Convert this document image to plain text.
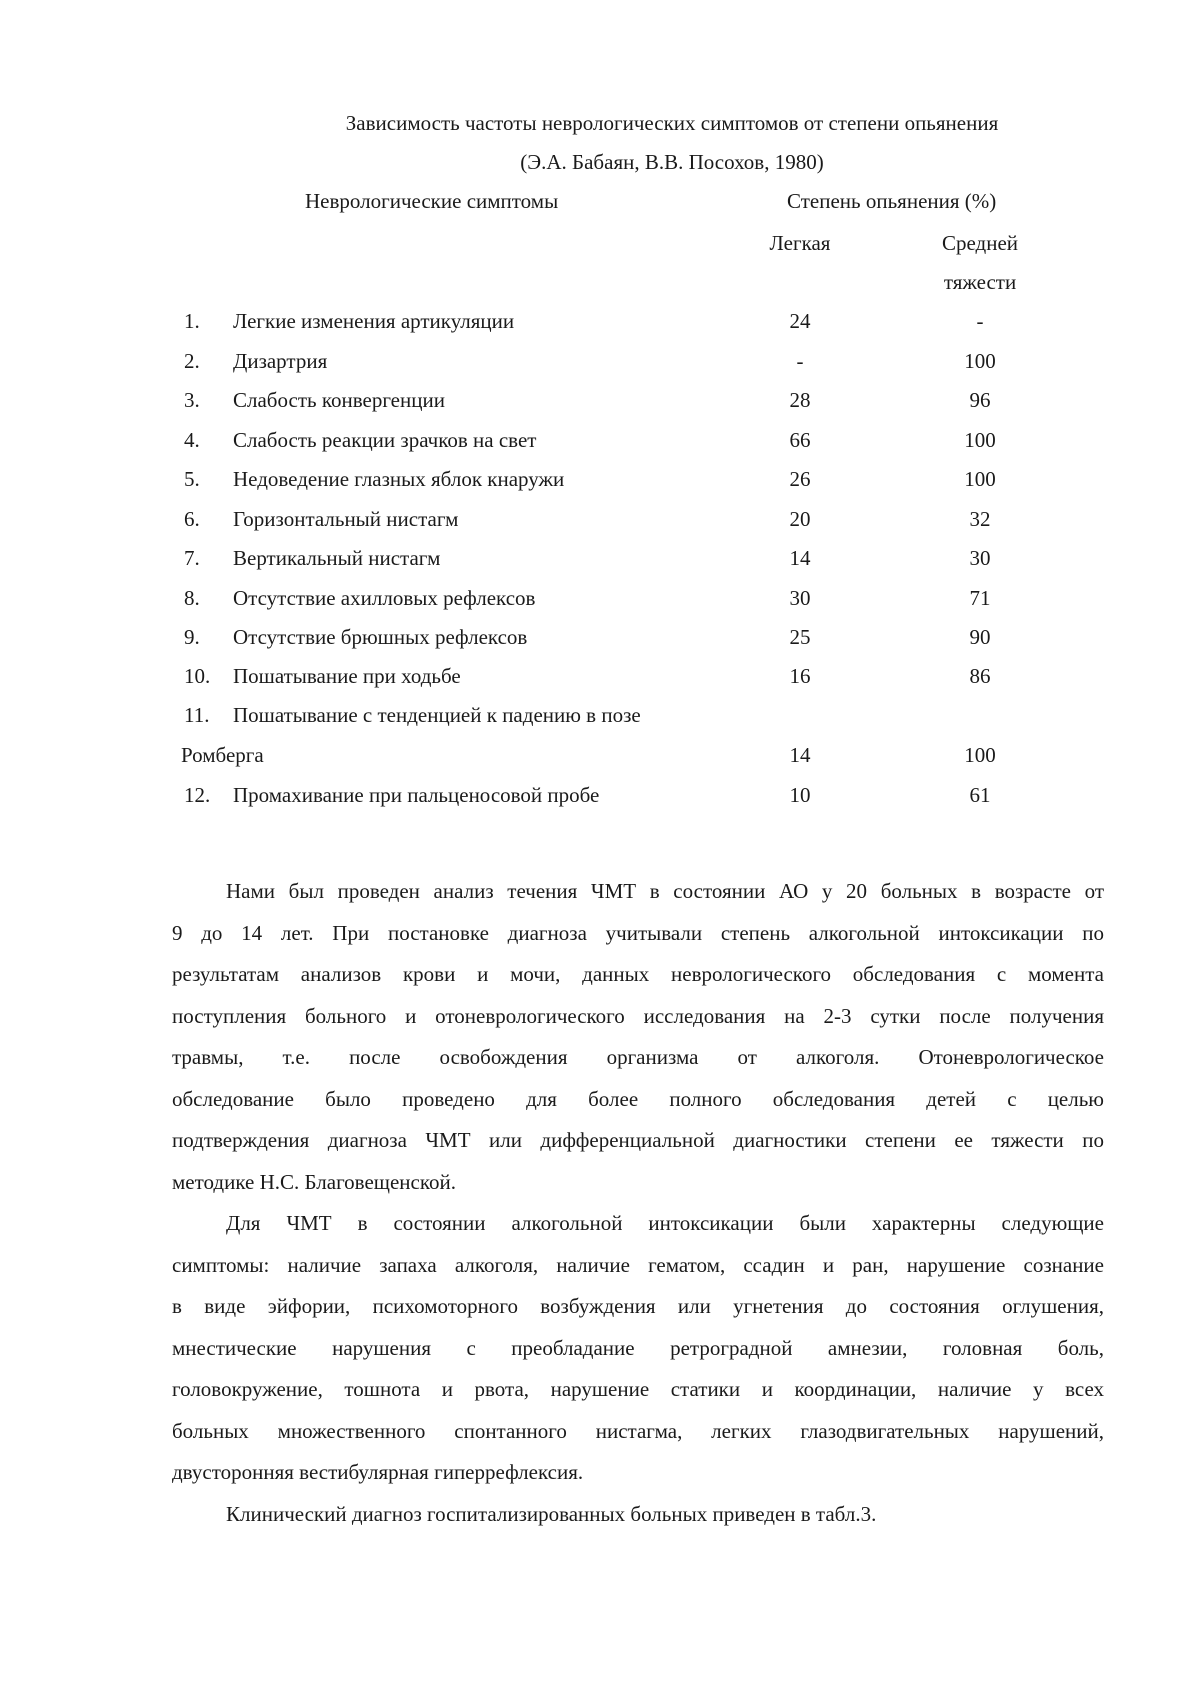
Зависимость частоты неврологических симптомов от степени опьянения
(Э.А. Бабаян, В.В. Посохов, 1980)
Неврологические симптомы	Степень опьянения (%)
Легкая	Средней
тяжести
1. Легкие изменения артикуляции	24	-
2. Дизартрия	-	100
3. Слабость конвергенции	28	96
4. Слабость реакции зрачков на свет	66	100
5. Недоведение глазных яблок кнаружи	26	100
6. Горизонтальный нистагм	20	32
7. Вертикальный нистагм	14	30
8. Отсутствие ахилловых рефлексов	30	71
9. Отсутствие брюшных рефлексов	25	90
10. Пошатывание при ходьбе	16	86
11. Пошатывание с тенденцией к падению в позе
Ромберга	14	100
12. Промахивание при пальценосовой пробе	10	61
Нами был проведен анализ течения ЧМТ в состоянии АО у 20 больных в возрасте от
9 до 14 лет. При постановке диагноза учитывали степень алкогольной интоксикации по
результатам анализов крови и мочи, данных неврологического обследования с момента
поступления больного и отоневрологического исследования на 2-3 сутки после получения
травмы, т.е. после освобождения организма от алкоголя. Отоневрологическое
обследование было проведено для более полного обследования детей с целью
подтверждения диагноза ЧМТ или дифференциальной диагностики степени ее тяжести по
методике Н.С. Благовещенской.
Для ЧМТ в состоянии алкогольной интоксикации были характерны следующие
симптомы: наличие запаха алкоголя, наличие гематом, ссадин и ран, нарушение сознание
в виде эйфории, психомоторного возбуждения или угнетения до состояния оглушения,
мнестические нарушения с преобладание ретроградной амнезии, головная боль,
головокружение, тошнота и рвота, нарушение статики и координации, наличие у всех
больных множественного спонтанного нистагма, легких глазодвигательных нарушений,
двусторонняя вестибулярная гиперрефлексия.
Клинический диагноз госпитализированных больных приведен в табл.3.
